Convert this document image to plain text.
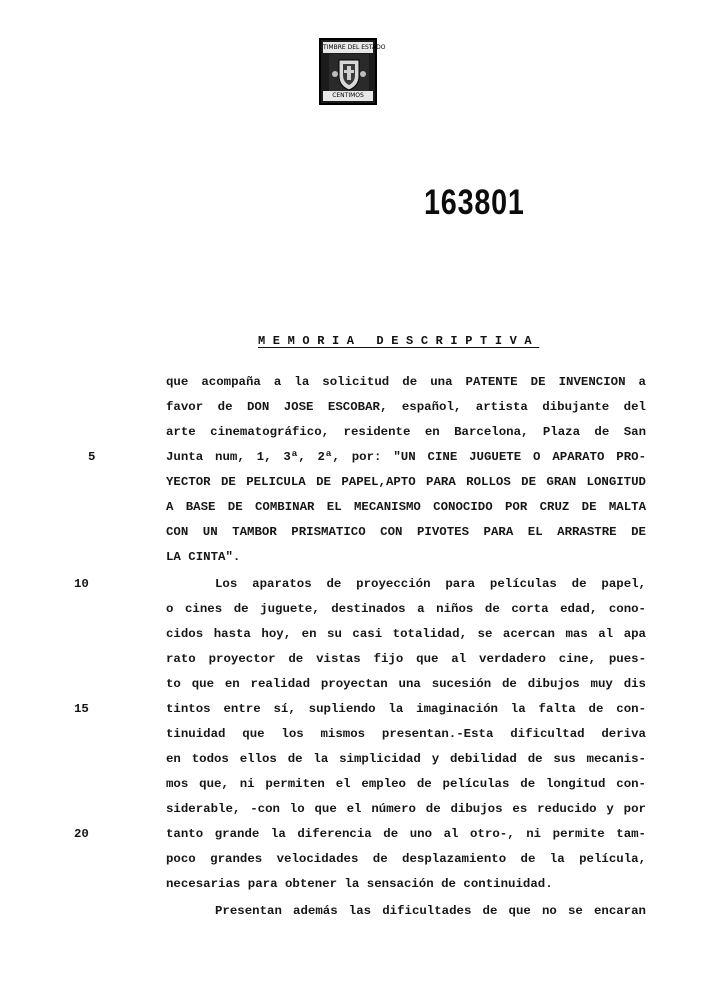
TIMBRE DEL ESTADO
CENTIMOS
163801
MEMORIA DESCRIPTIVA
que acompaña a la solicitud de una PATENTE DE INVENCION a
favor de DON JOSE ESCOBAR, español, artista dibujante del
arte cinematográfico, residente en Barcelona, Plaza de San
Junta num, 1, 3ª, 2ª, por: "UN CINE JUGUETE O APARATO PRO-
YECTOR DE PELICULA DE PAPEL,APTO PARA ROLLOS DE GRAN LONGITUD
A BASE DE COMBINAR EL MECANISMO CONOCIDO POR CRUZ DE MALTA
CON UN TAMBOR PRISMATICO CON PIVOTES PARA EL ARRASTRE DE
LA CINTA".
Los aparatos de proyección para películas de papel,
o cines de juguete, destinados a niños de corta edad, cono-
cidos hasta hoy, en su casi totalidad, se acercan mas al apa
rato proyector de vistas fijo que al verdadero cine, pues-
to que en realidad proyectan una sucesión de dibujos muy dis
tintos entre sí, supliendo la imaginación la falta de con-
tinuidad que los mismos presentan.-Esta dificultad deriva
en todos ellos de la simplicidad y debilidad de sus mecanis-
mos que, ni permiten el empleo de películas de longitud con-
siderable, -con lo que el número de dibujos es reducido y por
tanto grande la diferencia de uno al otro-, ni permite tam-
poco grandes velocidades de desplazamiento de la película,
necesarias para obtener la sensación de continuidad.
Presentan además las dificultades de que no se encaran
5
10
15
20
